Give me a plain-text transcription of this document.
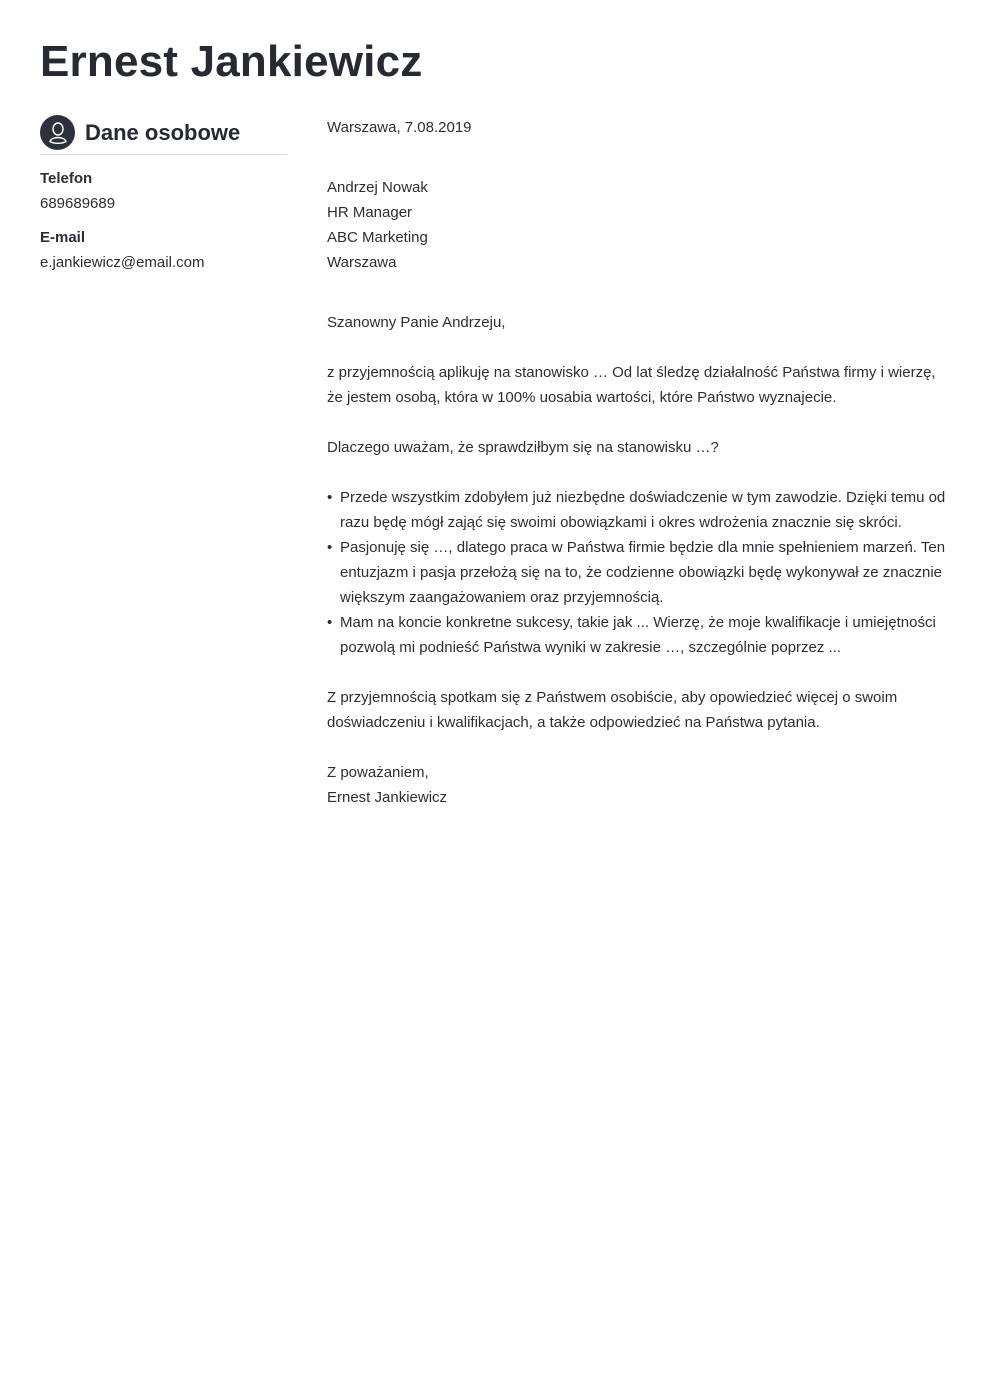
Ernest Jankiewicz
Dane osobowe
Telefon
689689689
E-mail
e.jankiewicz@email.com

Warszawa, 7.08.2019

Andrzej Nowak
HR Manager
ABC Marketing
Warszawa

Szanowny Panie Andrzeju,

z przyjemnością aplikuję na stanowisko … Od lat śledzę działalność Państwa firmy i wierzę, że jestem osobą, która w 100% uosabia wartości, które Państwo wyznajecie.

Dlaczego uważam, że sprawdziłbym się na stanowisku …?

• Przede wszystkim zdobyłem już niezbędne doświadczenie w tym zawodzie. Dzięki temu od razu będę mógł zająć się swoimi obowiązkami i okres wdrożenia znacznie się skróci.
• Pasjonuję się …, dlatego praca w Państwa firmie będzie dla mnie spełnieniem marzeń. Ten entuzjazm i pasja przełożą się na to, że codzienne obowiązki będę wykonywał ze znacznie większym zaangażowaniem oraz przyjemnością.
• Mam na koncie konkretne sukcesy, takie jak ... Wierzę, że moje kwalifikacje i umiejętności pozwolą mi podnieść Państwa wyniki w zakresie …, szczególnie poprzez ...

Z przyjemnością spotkam się z Państwem osobiście, aby opowiedzieć więcej o swoim doświadczeniu i kwalifikacjach, a także odpowiedzieć na Państwa pytania.

Z poważaniem,
Ernest Jankiewicz
